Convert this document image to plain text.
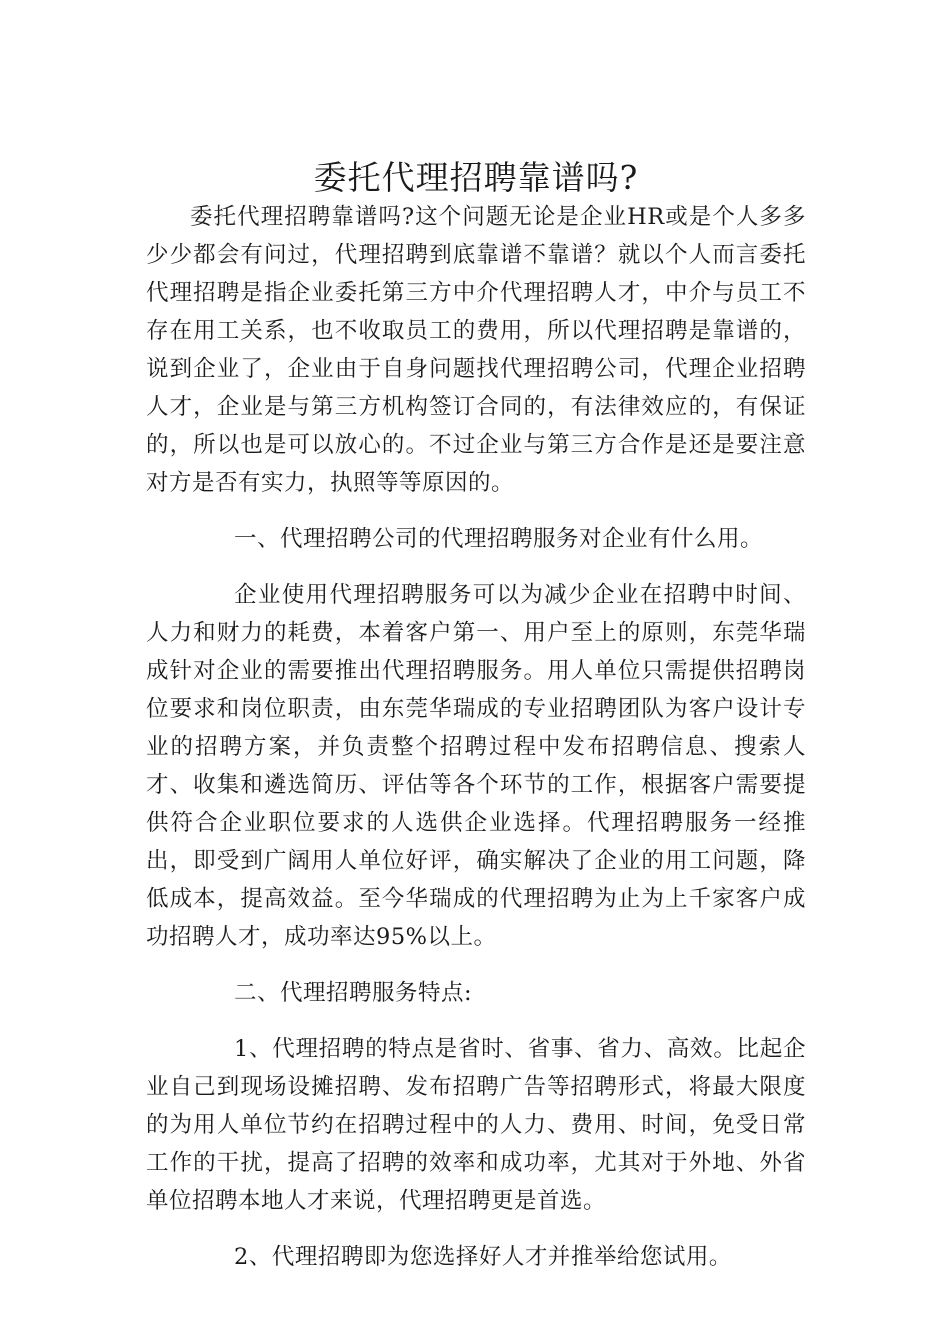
委托代理招聘靠谱吗?

委托代理招聘靠谱吗?这个问题无论是企业HR或是个人多多少少都会有问过，代理招聘到底靠谱不靠谱？就以个人而言委托代理招聘是指企业委托第三方中介代理招聘人才，中介与员工不存在用工关系，也不收取员工的费用，所以代理招聘是靠谱的，说到企业了，企业由于自身问题找代理招聘公司，代理企业招聘人才，企业是与第三方机构签订合同的，有法律效应的，有保证的，所以也是可以放心的。不过企业与第三方合作是还是要注意对方是否有实力，执照等等原因的。

一、代理招聘公司的代理招聘服务对企业有什么用。

企业使用代理招聘服务可以为减少企业在招聘中时间、人力和财力的耗费，本着客户第一、用户至上的原则，东莞华瑞成针对企业的需要推出代理招聘服务。用人单位只需提供招聘岗位要求和岗位职责，由东莞华瑞成的专业招聘团队为客户设计专业的招聘方案，并负责整个招聘过程中发布招聘信息、搜索人才、收集和遴选简历、评估等各个环节的工作，根据客户需要提供符合企业职位要求的人选供企业选择。代理招聘服务一经推出，即受到广阔用人单位好评，确实解决了企业的用工问题，降低成本，提高效益。至今华瑞成的代理招聘为止为上千家客户成功招聘人才，成功率达95%以上。

二、代理招聘服务特点:

1、代理招聘的特点是省时、省事、省力、高效。比起企业自己到现场设摊招聘、发布招聘广告等招聘形式，将最大限度的为用人单位节约在招聘过程中的人力、费用、时间，免受日常工作的干扰，提高了招聘的效率和成功率，尤其对于外地、外省单位招聘本地人才来说，代理招聘更是首选。

2、代理招聘即为您选择好人才并推举给您试用。
